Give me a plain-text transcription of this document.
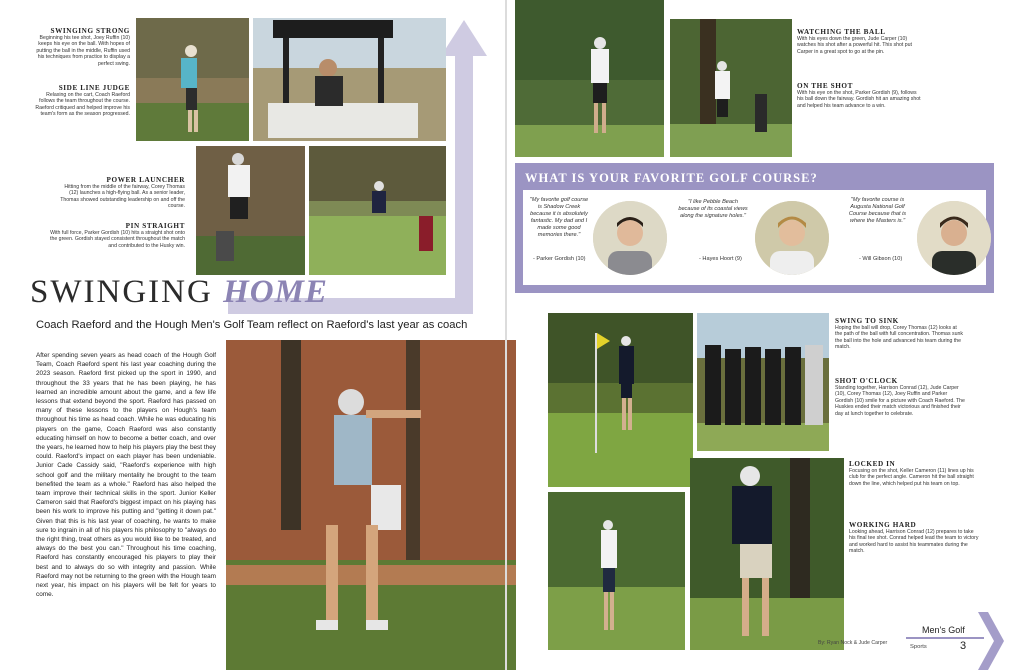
SWINGING STRONG
Beginning his tee shot, Joey Ruffin (10) keeps his eye on the ball. With hopes of putting the ball in the middle, Ruffin used his techniques from practice to display a perfect swing.
SIDE LINE JUDGE
Relaxing on the cart, Coach Raeford follows the team throughout the course. Raeford critiqued and helped improve his team's form as the season progressed.
POWER LAUNCHER
Hitting from the middle of the fairway, Corey Thomas (12) launches a high-flying ball. As a senior leader, Thomas showed outstanding leadership on and off the course.
PIN STRAIGHT
With full force, Parker Gordish (10) hits a straight shot onto the green. Gordish stayed consistent throughout the match and contributed to the Husky win.
SWINGING HOME
Coach Raeford and the Hough Men's Golf Team reflect on Raeford's last year as coach
After spending seven years as head coach of the Hough Golf Team, Coach Raeford spent his last year coaching during the 2023 season. Raeford first picked up the sport in 1990, and throughout the 33 years that he has been playing, he has learned an incredible amount about the game, and a few life lessons that extend beyond the sport. Raeford has passed on many of these lessons to the players on Hough's team throughout his time as head coach. While he was educating his players on the game, Coach Raeford was also constantly educating himself on how to become a better coach, and over the years, he learned how to help his players play the best they could. Raeford's impact on each player has been undeniable. Junior Cade Cassidy said, "Raeford's experience with high school golf and the military mentality he brought to the team benefited the team as a whole." Raeford has also helped the team improve their technical skills in the sport. Junior Keller Cameron said that Raeford's biggest impact on his playing has been his work to improve his putting and "getting it down pat." Given that this is his last year of coaching, he wants to make sure to ingrain in all of his players his philosophy to "always do the right thing, treat others as you would like to be treated, and always do the best you can." Throughout his time coaching, Raeford has constantly encouraged his players to play their best and to always do so with integrity and passion. While Raeford may not be returning to the green with the Hough team next year, his impact on his players will be felt for years to come.
WATCHING THE BALL
With his eyes down the green, Jude Carper (10) watches his shot after a powerful hit. This shot put Carper in a great spot to go at the pin.
ON THE SHOT
With his eye on the shot, Parker Gordish (9), follows his ball down the fairway. Gordish hit an amazing shot and helped his team advance to a win.
WHAT IS YOUR FAVORITE GOLF COURSE?
"My favorite golf course is Shadow Creek because it is absolutely fantastic. My dad and I made some good memories there."
- Parker Gordish (10)
"I like Pebble Beach because of its coastal views along the signature holes."
- Hayes Hoort (9)
"My favorite course is Augusta National Golf Course because that is where the Masters is."
- Will Gibson (10)
SWING TO SINK
Hoping the ball will drop, Corey Thomas (12) looks at the path of the ball with full concentration. Thomas sunk the ball into the hole and advanced his team during the match.
SHOT O'CLOCK
Standing together, Harrison Conrad (12), Jude Carper (10), Corey Thomas (12), Joey Ruffin and Parker Gordish (10) smile for a picture with Coach Raeford. The Huskies ended their match victorious and finished their day at lunch together to celebrate.
LOCKED IN
Focusing on the shot, Keller Cameron (11) lines up his club for the perfect angle. Cameron hit the ball straight down the line, which helped put his team on top.
WORKING HARD
Looking ahead, Harrison Conrad (12) prepares to take his final tee shot. Conrad helped lead the team to victory and worked hard to assist his teammates during the match.
By: Ryan Nock & Jude Carper
Men's Golf
Sports	3
